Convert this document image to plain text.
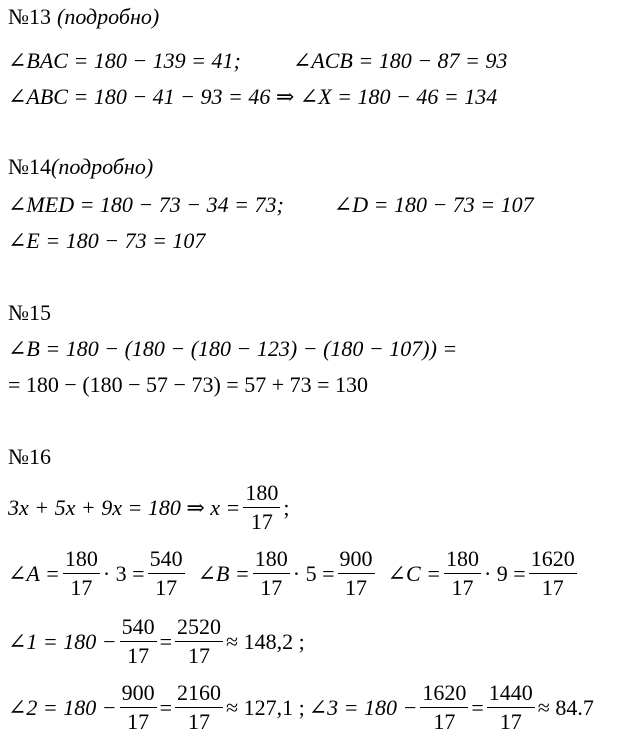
№13 (подробно)
∠BAC = 180 − 139 = 41; ∠ACB = 180 − 87 = 93
∠ABC = 180 − 41 − 93 = 46 ⇒ ∠X = 180 − 46 = 134
№14 (подробно)
∠MED = 180 − 73 − 34 = 73; ∠D = 180 − 73 = 107
∠E = 180 − 73 = 107
№15
∠B = 180 − (180 − (180 − 123) − (180 − 107)) =
= 180 − (180 − 57 − 73) = 57 + 73 = 130
№16
3x + 5x + 9x = 180 ⇒ $x = \frac{180}{17}$ ;
∠A = $\frac{180}{17} \cdot 3 = \frac{540}{17}$ ∠B = $\frac{180}{17} \cdot 5 = \frac{900}{17}$ ∠C = $\frac{180}{17} \cdot 9 = \frac{1620}{17}$
∠1 = $180 - \frac{540}{17} = \frac{2520}{17} \approx 148,2$ ;
∠2 = $180 - \frac{900}{17} = \frac{2160}{17} \approx 127,1$ ; ∠3 = $180 - \frac{1620}{17} = \frac{1440}{17} \approx 84.7$
